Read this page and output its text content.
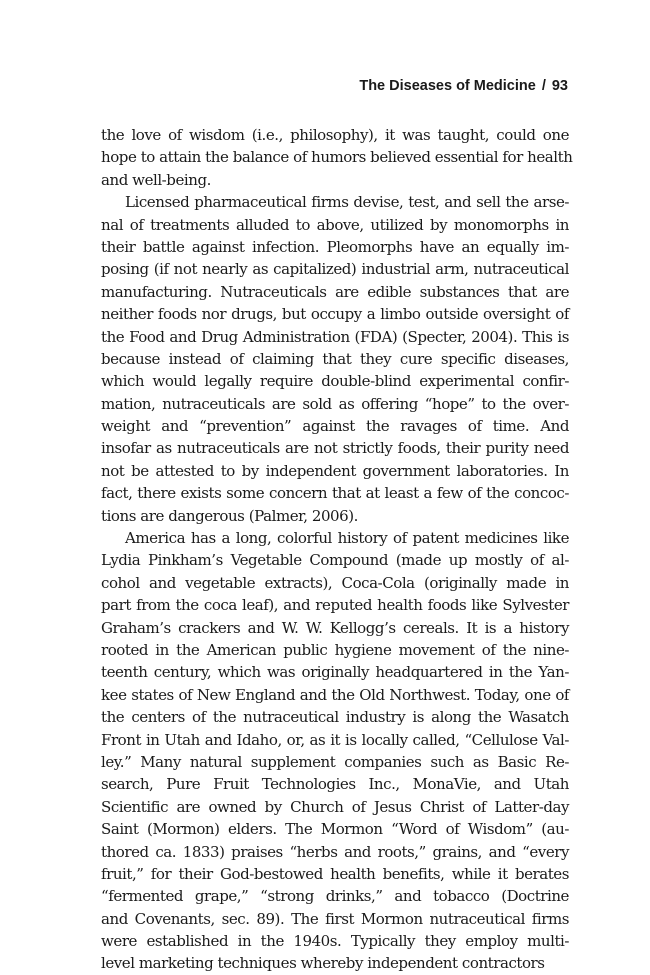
The Diseases of Medicine / 93
the love of wisdom (i.e., philosophy), it was taught, could one
hope to attain the balance of humors believed essential for health
and well-being.
Licensed pharmaceutical firms devise, test, and sell the arse-
nal of treatments alluded to above, utilized by monomorphs in
their battle against infection. Pleomorphs have an equally im-
posing (if not nearly as capitalized) industrial arm, nutraceutical
manufacturing. Nutraceuticals are edible substances that are
neither foods nor drugs, but occupy a limbo outside oversight of
the Food and Drug Administration (FDA) (Specter, 2004). This is
because instead of claiming that they cure specific diseases,
which would legally require double-blind experimental confir-
mation, nutraceuticals are sold as offering “hope” to the over-
weight and “prevention” against the ravages of time. And
insofar as nutraceuticals are not strictly foods, their purity need
not be attested to by independent government laboratories. In
fact, there exists some concern that at least a few of the concoc-
tions are dangerous (Palmer, 2006).
America has a long, colorful history of patent medicines like
Lydia Pinkham’s Vegetable Compound (made up mostly of al-
cohol and vegetable extracts), Coca-Cola (originally made in
part from the coca leaf), and reputed health foods like Sylvester
Graham’s crackers and W. W. Kellogg’s cereals. It is a history
rooted in the American public hygiene movement of the nine-
teenth century, which was originally headquartered in the Yan-
kee states of New England and the Old Northwest. Today, one of
the centers of the nutraceutical industry is along the Wasatch
Front in Utah and Idaho, or, as it is locally called, “Cellulose Val-
ley.” Many natural supplement companies such as Basic Re-
search, Pure Fruit Technologies Inc., MonaVie, and Utah
Scientific are owned by Church of Jesus Christ of Latter-day
Saint (Mormon) elders. The Mormon “Word of Wisdom” (au-
thored ca. 1833) praises “herbs and roots,” grains, and “every
fruit,” for their God-bestowed health benefits, while it berates
“fermented grape,” “strong drinks,” and tobacco (Doctrine
and Covenants, sec. 89). The first Mormon nutraceutical firms
were established in the 1940s. Typically they employ multi-
level marketing techniques whereby independent contractors
